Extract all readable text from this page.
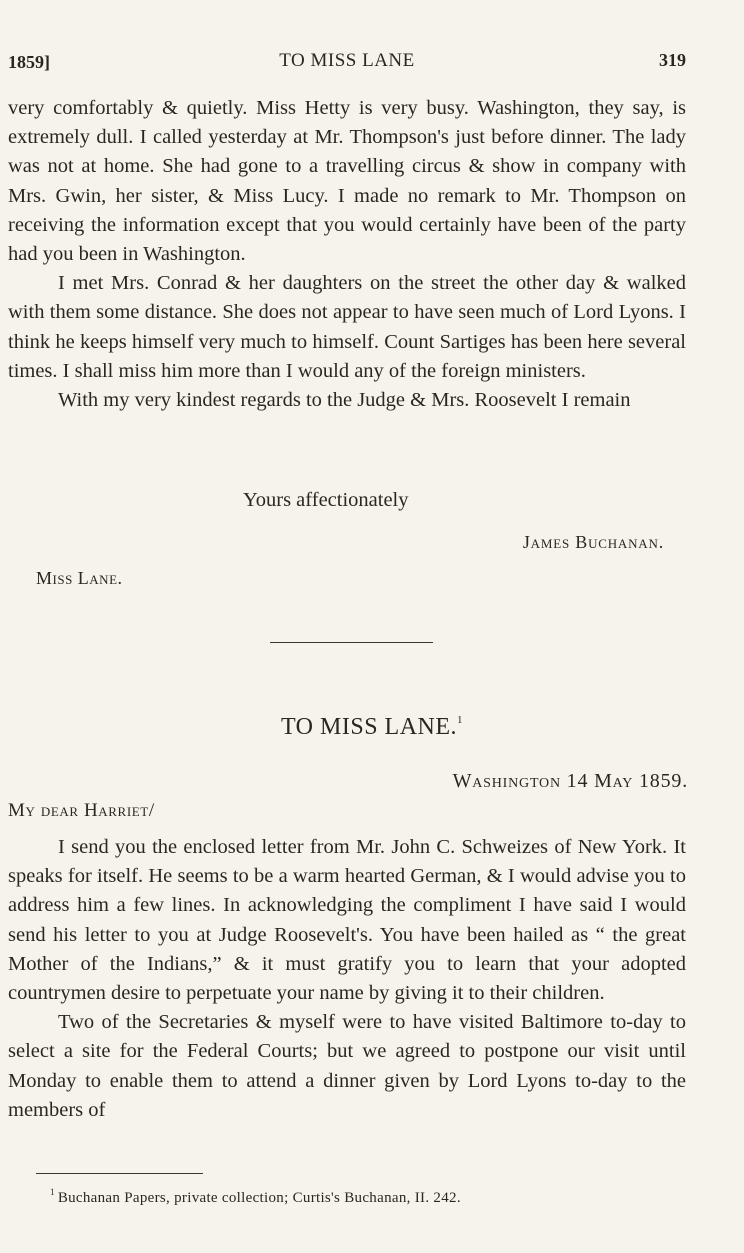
1859]	TO MISS LANE	319

very comfortably & quietly. Miss Hetty is very busy. Washington, they say, is extremely dull. I called yesterday at Mr. Thompson's just before dinner. The lady was not at home. She had gone to a travelling circus & show in company with Mrs. Gwin, her sister, & Miss Lucy. I made no remark to Mr. Thompson on receiving the information except that you would certainly have been of the party had you been in Washington.

I met Mrs. Conrad & her daughters on the street the other day & walked with them some distance. She does not appear to have seen much of Lord Lyons. I think he keeps himself very much to himself. Count Sartiges has been here several times. I shall miss him more than I would any of the foreign ministers.

With my very kindest regards to the Judge & Mrs. Roosevelt I remain

Yours affectionately
James Buchanan.
Miss Lane.
TO MISS LANE.$^1$
Washington 14 May 1859.
My dear Harriet/

I send you the enclosed letter from Mr. John C. Schweizes of New York. It speaks for itself. He seems to be a warm hearted German, & I would advise you to address him a few lines. In acknowledging the compliment I have said I would send his letter to you at Judge Roosevelt's. You have been hailed as “ the great Mother of the Indians,” & it must gratify you to learn that your adopted countrymen desire to perpetuate your name by giving it to their children.

Two of the Secretaries & myself were to have visited Baltimore to-day to select a site for the Federal Courts; but we agreed to postpone our visit until Monday to enable them to attend a dinner given by Lord Lyons to-day to the members of

$^1$ Buchanan Papers, private collection; Curtis's Buchanan, II. 242.
